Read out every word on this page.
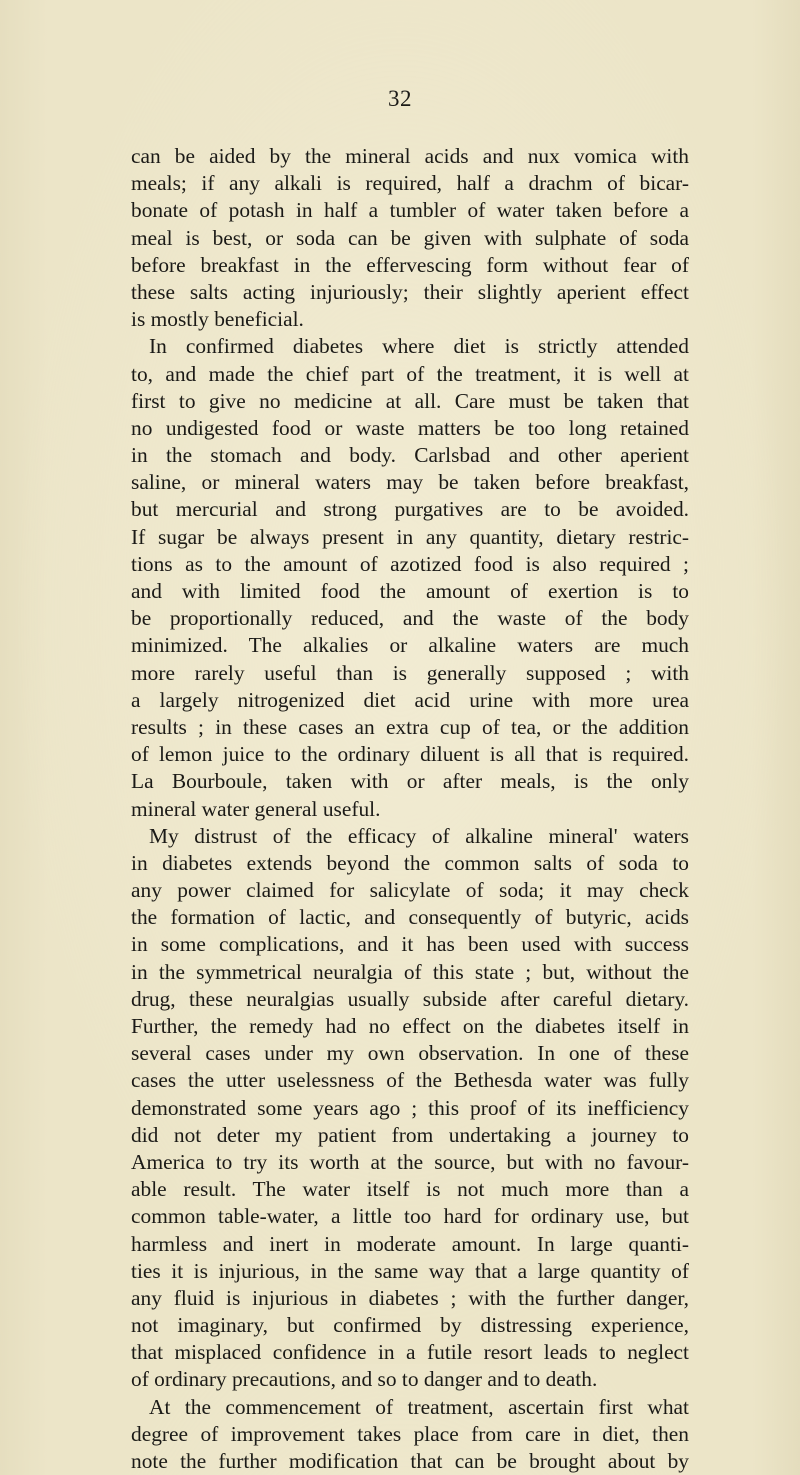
32
can be aided by the mineral acids and nux vomica with
meals; if any alkali is required, half a drachm of bicar-
bonate of potash in half a tumbler of water taken before a
meal is best, or soda can be given with sulphate of soda
before breakfast in the effervescing form without fear of
these salts acting injuriously; their slightly aperient effect
is mostly beneficial.
In confirmed diabetes where diet is strictly attended
to, and made the chief part of the treatment, it is well at
first to give no medicine at all. Care must be taken that
no undigested food or waste matters be too long retained
in the stomach and body. Carlsbad and other aperient
saline, or mineral waters may be taken before breakfast,
but mercurial and strong purgatives are to be avoided.
If sugar be always present in any quantity, dietary restric-
tions as to the amount of azotized food is also required ;
and with limited food the amount of exertion is to
be proportionally reduced, and the waste of the body
minimized. The alkalies or alkaline waters are much
more rarely useful than is generally supposed ; with
a largely nitrogenized diet acid urine with more urea
results ; in these cases an extra cup of tea, or the addition
of lemon juice to the ordinary diluent is all that is required.
La Bourboule, taken with or after meals, is the only
mineral water general useful.
My distrust of the efficacy of alkaline mineral' waters
in diabetes extends beyond the common salts of soda to
any power claimed for salicylate of soda; it may check
the formation of lactic, and consequently of butyric, acids
in some complications, and it has been used with success
in the symmetrical neuralgia of this state ; but, without the
drug, these neuralgias usually subside after careful dietary.
Further, the remedy had no effect on the diabetes itself in
several cases under my own observation. In one of these
cases the utter uselessness of the Bethesda water was fully
demonstrated some years ago ; this proof of its inefficiency
did not deter my patient from undertaking a journey to
America to try its worth at the source, but with no favour-
able result. The water itself is not much more than a
common table-water, a little too hard for ordinary use, but
harmless and inert in moderate amount. In large quanti-
ties it is injurious, in the same way that a large quantity of
any fluid is injurious in diabetes ; with the further danger,
not imaginary, but confirmed by distressing experience,
that misplaced confidence in a futile resort leads to neglect
of ordinary precautions, and so to danger and to death.
At the commencement of treatment, ascertain first what
degree of improvement takes place from care in diet, then
note the further modification that can be brought about by
